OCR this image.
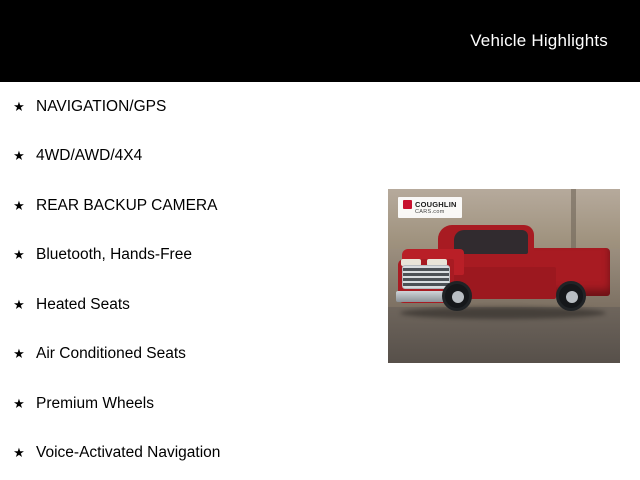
Vehicle Highlights
★ NAVIGATION/GPS
★ 4WD/AWD/4X4
★ REAR BACKUP CAMERA
★ Bluetooth, Hands-Free
★ Heated Seats
★ Air Conditioned Seats
★ Premium Wheels
★ Voice-Activated Navigation
COUGHLIN
CARS.com
